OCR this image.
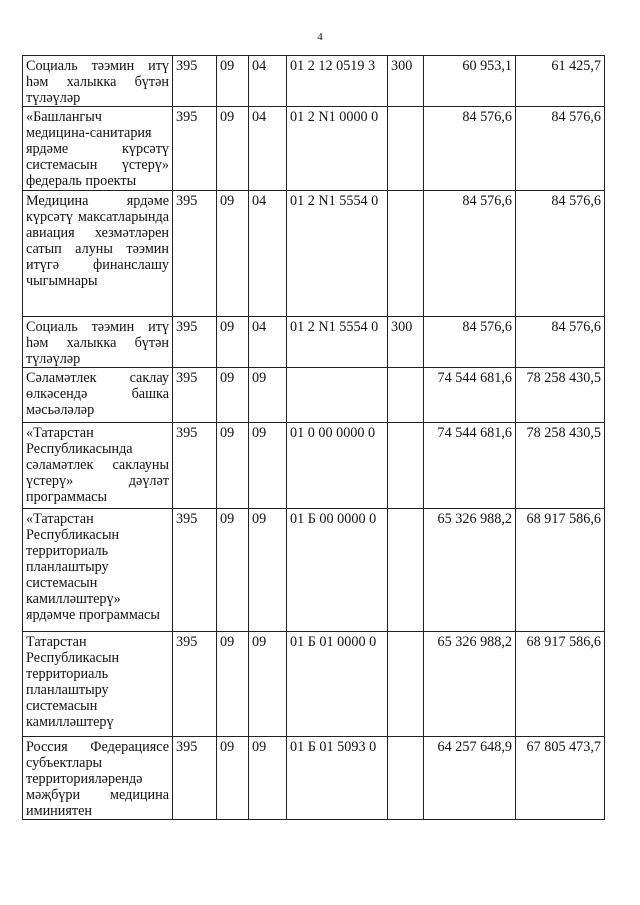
4
Социаль тәэмин итү һәм халыкка бүтән түләүләр	395	09	04	01 2 12 0519 3	300	60 953,1	61 425,7
«Башлангыч медицина-санитария ярдәме күрсәтү системасын үстерү» федераль проекты	395	09	04	01 2 N1 0000 0		84 576,6	84 576,6
Медицина ярдәме күрсәтү максатларында авиация хезмәтләрен сатып алуны тәэмин итүгә финанслашу чыгымнары	395	09	04	01 2 N1 5554 0		84 576,6	84 576,6
Социаль тәэмин итү һәм халыкка бүтән түләүләр	395	09	04	01 2 N1 5554 0	300	84 576,6	84 576,6
Сәламәтлек саклау өлкәсендә башка мәсьәләләр	395	09	09			74 544 681,6	78 258 430,5
«Татарстан Республикасында сәламәтлек саклауны үстерү» дәүләт программасы	395	09	09	01 0 00 0000 0		74 544 681,6	78 258 430,5
«Татарстан Республикасын территориаль планлаштыру системасын камилләштерү» ярдәмче программасы	395	09	09	01 Б 00 0000 0		65 326 988,2	68 917 586,6
Татарстан Республикасын территориаль планлаштыру системасын камилләштерү	395	09	09	01 Б 01 0000 0		65 326 988,2	68 917 586,6
Россия Федерациясе субъектлары территорияләрендә мәҗбүри медицина иминиятен	395	09	09	01 Б 01 5093 0		64 257 648,9	67 805 473,7
